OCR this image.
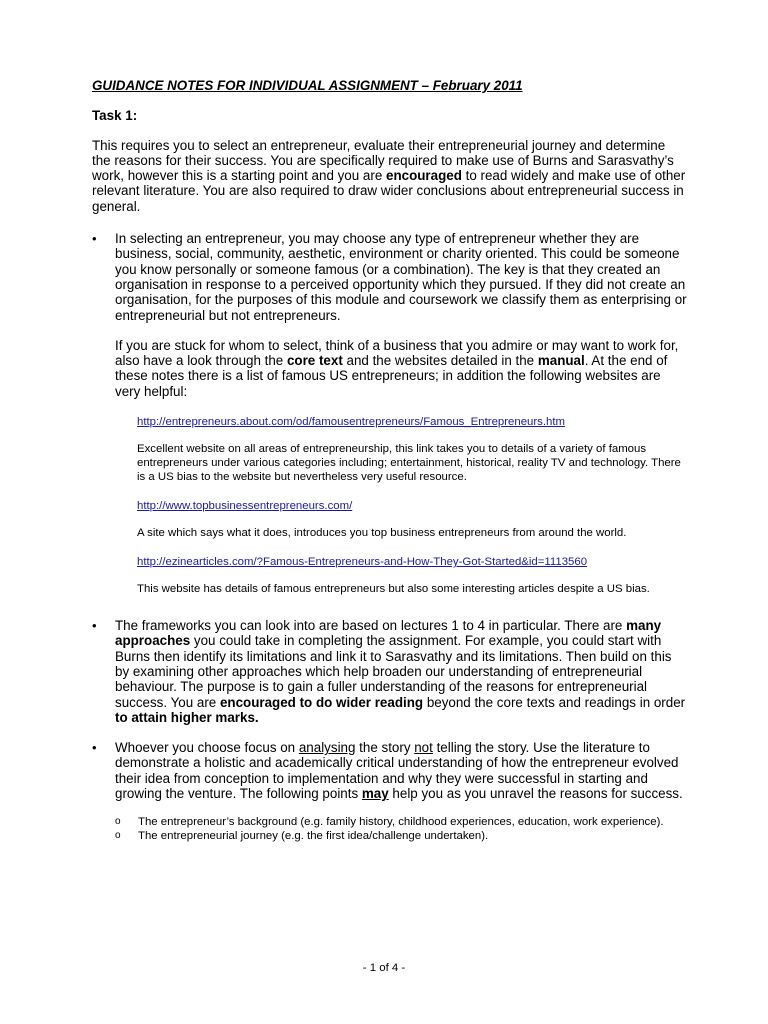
GUIDANCE NOTES FOR INDIVIDUAL ASSIGNMENT – February 2011
Task 1:

This requires you to select an entrepreneur, evaluate their entrepreneurial journey and determine the reasons for their success. You are specifically required to make use of Burns and Sarasvathy’s work, however this is a starting point and you are encouraged to read widely and make use of other relevant literature. You are also required to draw wider conclusions about entrepreneurial success in general.

• In selecting an entrepreneur, you may choose any type of entrepreneur whether they are business, social, community, aesthetic, environment or charity oriented. This could be someone you know personally or someone famous (or a combination). The key is that they created an organisation in response to a perceived opportunity which they pursued. If they did not create an organisation, for the purposes of this module and coursework we classify them as enterprising or entrepreneurial but not entrepreneurs.

If you are stuck for whom to select, think of a business that you admire or may want to work for, also have a look through the core text and the websites detailed in the manual. At the end of these notes there is a list of famous US entrepreneurs; in addition the following websites are very helpful:

http://entrepreneurs.about.com/od/famousentrepreneurs/Famous_Entrepreneurs.htm

Excellent website on all areas of entrepreneurship, this link takes you to details of a variety of famous entrepreneurs under various categories including; entertainment, historical, reality TV and technology. There is a US bias to the website but nevertheless very useful resource.

http://www.topbusinessentrepreneurs.com/

A site which says what it does, introduces you top business entrepreneurs from around the world.

http://ezinearticles.com/?Famous-Entrepreneurs-and-How-They-Got-Started&id=1113560

This website has details of famous entrepreneurs but also some interesting articles despite a US bias.

• The frameworks you can look into are based on lectures 1 to 4 in particular. There are many approaches you could take in completing the assignment. For example, you could start with Burns then identify its limitations and link it to Sarasvathy and its limitations. Then build on this by examining other approaches which help broaden our understanding of entrepreneurial behaviour. The purpose is to gain a fuller understanding of the reasons for entrepreneurial success. You are encouraged to do wider reading beyond the core texts and readings in order to attain higher marks.

• Whoever you choose focus on analysing the story not telling the story. Use the literature to demonstrate a holistic and academically critical understanding of how the entrepreneur evolved their idea from conception to implementation and why they were successful in starting and growing the venture. The following points may help you as you unravel the reasons for success.

o The entrepreneur’s background (e.g. family history, childhood experiences, education, work experience).
o The entrepreneurial journey (e.g. the first idea/challenge undertaken).
- 1 of 4 -
